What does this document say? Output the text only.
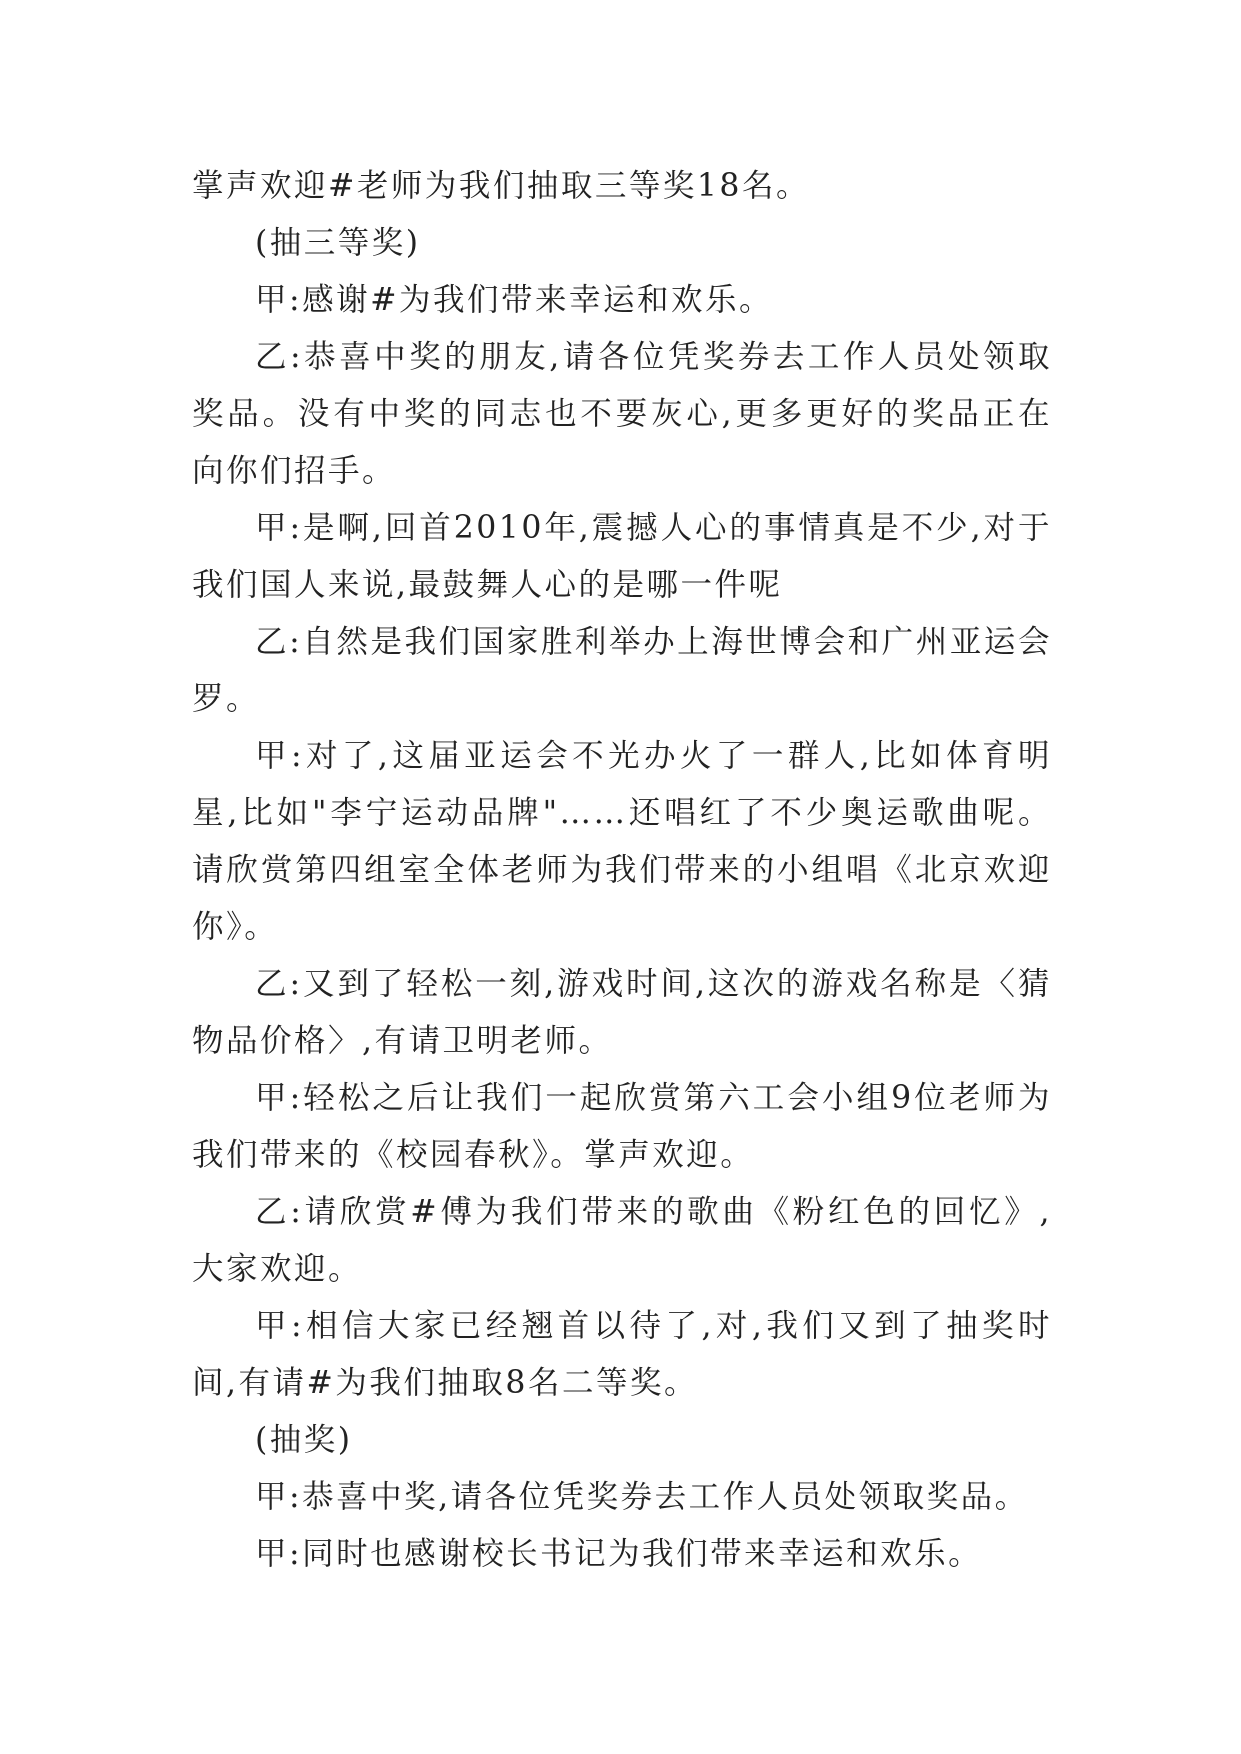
掌声欢迎#老师为我们抽取三等奖18名。

(抽三等奖)

甲:感谢#为我们带来幸运和欢乐。

乙:恭喜中奖的朋友,请各位凭奖券去工作人员处领取奖品。没有中奖的同志也不要灰心,更多更好的奖品正在向你们招手。

甲:是啊,回首2010年,震撼人心的事情真是不少,对于我们国人来说,最鼓舞人心的是哪一件呢

乙:自然是我们国家胜利举办上海世博会和广州亚运会罗。

甲:对了,这届亚运会不光办火了一群人,比如体育明星,比如"李宁运动品牌"……还唱红了不少奥运歌曲呢。请欣赏第四组室全体老师为我们带来的小组唱《北京欢迎你》。

乙:又到了轻松一刻,游戏时间,这次的游戏名称是〈猜物品价格〉,有请卫明老师。

甲:轻松之后让我们一起欣赏第六工会小组9位老师为我们带来的《校园春秋》。掌声欢迎。

乙:请欣赏#傅为我们带来的歌曲《粉红色的回忆》,大家欢迎。

甲:相信大家已经翘首以待了,对,我们又到了抽奖时间,有请#为我们抽取8名二等奖。

(抽奖)

甲:恭喜中奖,请各位凭奖券去工作人员处领取奖品。

甲:同时也感谢校长书记为我们带来幸运和欢乐。
